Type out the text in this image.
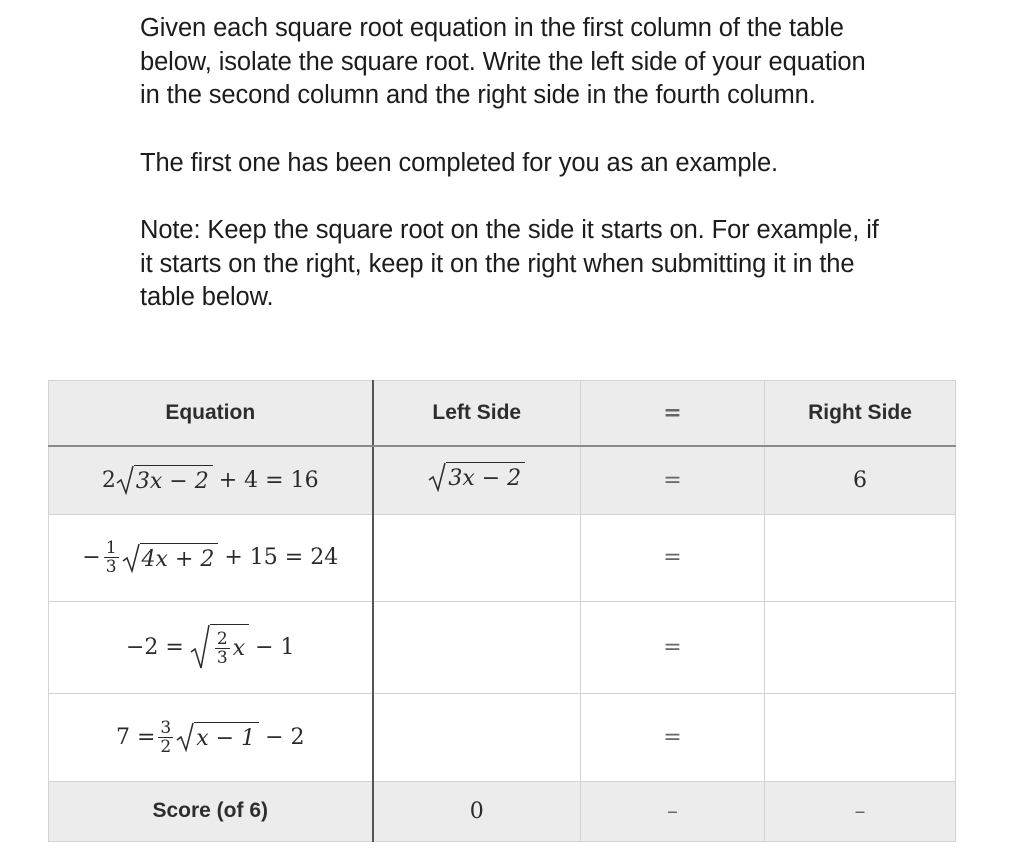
Given each square root equation in the first column of the table below, isolate the square root. Write the left side of your equation in the second column and the right side in the fourth column.

The first one has been completed for you as an example.

Note: Keep the square root on the side it starts on. For example, if it starts on the right, keep it on the right when submitting it in the table below.

Equation	Left Side	=	Right Side

2 3x − 2 + 4 = 16	3x − 2	=	6

− $\frac{1}{3} 4x + 2 + 15 = 24$		=	

$-2 = \frac{2}{3}$ x − 1		=	

$7 = \frac{3}{2}$ x − 1 − 2		=	
Score (of 6)	0	–	–
